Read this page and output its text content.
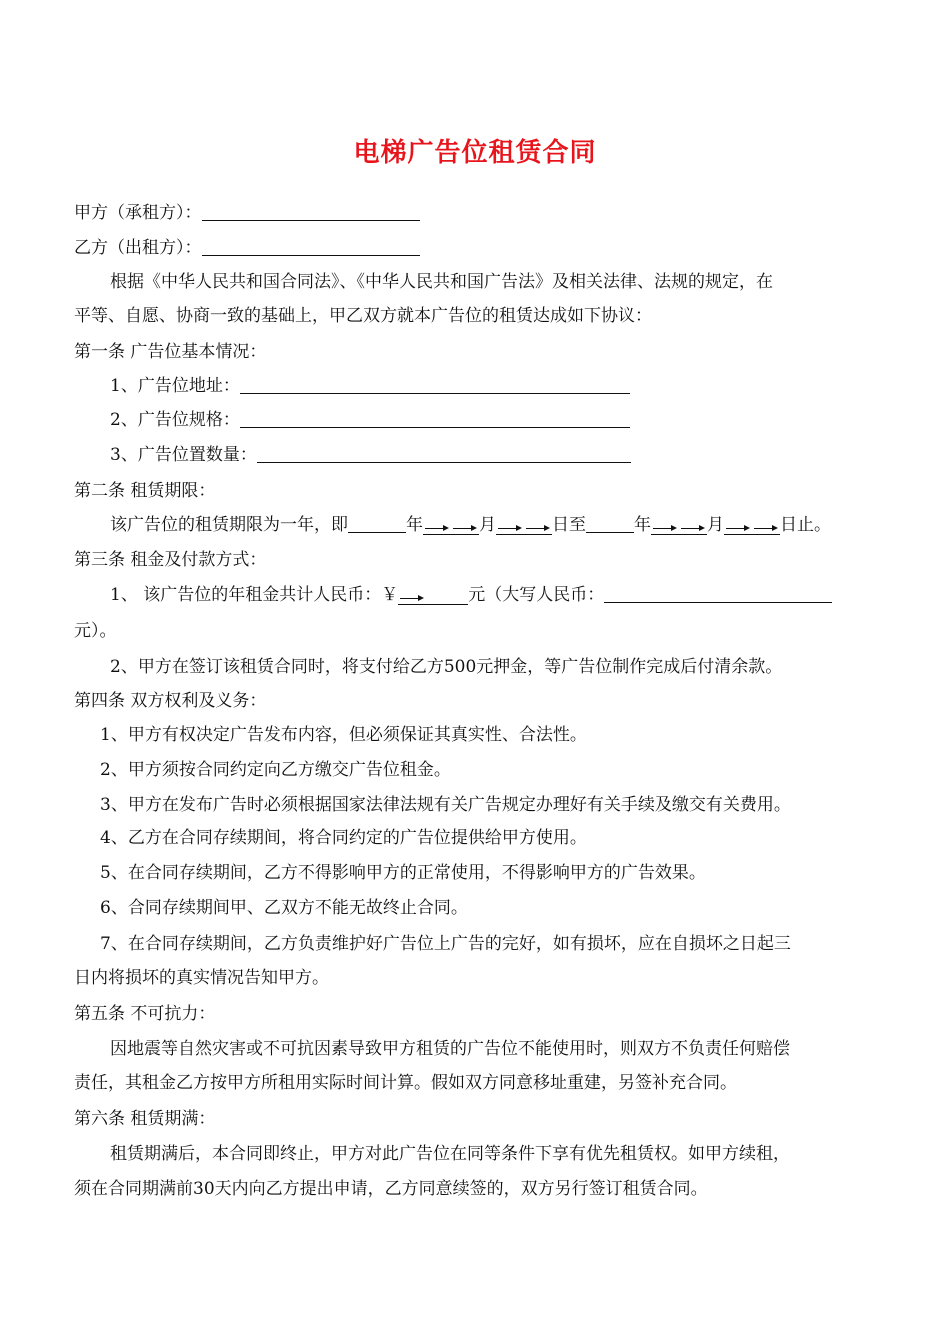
电梯广告位租赁合同
甲方（承租方）：
乙方（出租方）：
根据《中华人民共和国合同法》、《中华人民共和国广告法》及相关法律、法规的规定，在
平等、自愿、协商一致的基础上，甲乙双方就本广告位的租赁达成如下协议：
第一条 广告位基本情况：
1、广告位地址：
2、广告位规格：
3、广告位置数量：
第二条 租赁期限：
该广告位的租赁期限为一年，即	年	月	日至	年	月	日止。
第三条 租金及付款方式：
1、 该广告位的年租金共计人民币：￥	元（大写人民币：
元）。
2、甲方在签订该租赁合同时，将支付给乙方500元押金，等广告位制作完成后付清余款。
第四条 双方权利及义务：
1、甲方有权决定广告发布内容，但必须保证其真实性、合法性。
2、甲方须按合同约定向乙方缴交广告位租金。
3、甲方在发布广告时必须根据国家法律法规有关广告规定办理好有关手续及缴交有关费用。
4、乙方在合同存续期间，将合同约定的广告位提供给甲方使用。
5、在合同存续期间，乙方不得影响甲方的正常使用，不得影响甲方的广告效果。
6、合同存续期间甲、乙双方不能无故终止合同。
7、在合同存续期间，乙方负责维护好广告位上广告的完好，如有损坏，应在自损坏之日起三
日内将损坏的真实情况告知甲方。
第五条 不可抗力：
因地震等自然灾害或不可抗因素导致甲方租赁的广告位不能使用时，则双方不负责任何赔偿
责任，其租金乙方按甲方所租用实际时间计算。假如双方同意移址重建，另签补充合同。
第六条 租赁期满：
租赁期满后，本合同即终止，甲方对此广告位在同等条件下享有优先租赁权。如甲方续租，
须在合同期满前30天内向乙方提出申请，乙方同意续签的，双方另行签订租赁合同。
